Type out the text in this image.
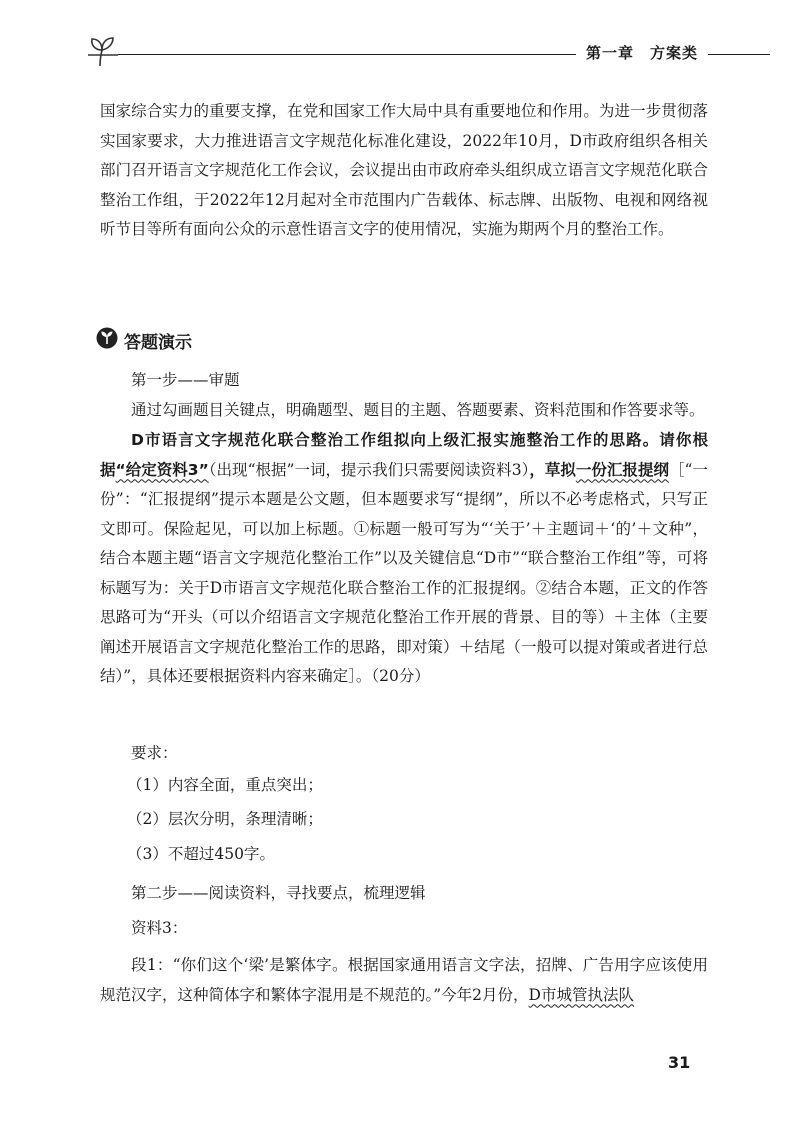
第一章　方案类
国家综合实力的重要支撑，在党和国家工作大局中具有重要地位和作用。为进一步贯彻落实国家要求，大力推进语言文字规范化标准化建设，2022年10月，D市政府组织各相关部门召开语言文字规范化工作会议，会议提出由市政府牵头组织成立语言文字规范化联合整治工作组，于2022年12月起对全市范围内广告载体、标志牌、出版物、电视和网络视听节目等所有面向公众的示意性语言文字的使用情况，实施为期两个月的整治工作。
答题演示
第一步——审题
通过勾画题目关键点，明确题型、题目的主题、答题要素、资料范围和作答要求等。
D市语言文字规范化联合整治工作组拟向上级汇报实施整治工作的思路。请你根据“给定资料3”（出现“根据”一词，提示我们只需要阅读资料3），草拟一份汇报提纲［“一份”：“汇报提纲”提示本题是公文题，但本题要求写“提纲”，所以不必考虑格式，只写正文即可。保险起见，可以加上标题。①标题一般可写为“‘关于’＋主题词＋‘的’＋文种”，结合本题主题“语言文字规范化整治工作”以及关键信息“D市”“联合整治工作组”等，可将标题写为：关于D市语言文字规范化联合整治工作的汇报提纲。②结合本题，正文的作答思路可为“开头（可以介绍语言文字规范化整治工作开展的背景、目的等）＋主体（主要阐述开展语言文字规范化整治工作的思路，即对策）＋结尾（一般可以提对策或者进行总结）”，具体还要根据资料内容来确定］。（20分）
要求：
（1）内容全面，重点突出；
（2）层次分明，条理清晰；
（3）不超过450字。
第二步——阅读资料，寻找要点，梳理逻辑
资料3：
段1：“你们这个‘梁’是繁体字。根据国家通用语言文字法，招牌、广告用字应该使用规范汉字，这种简体字和繁体字混用是不规范的。”今年2月份，D市城管执法队
31
